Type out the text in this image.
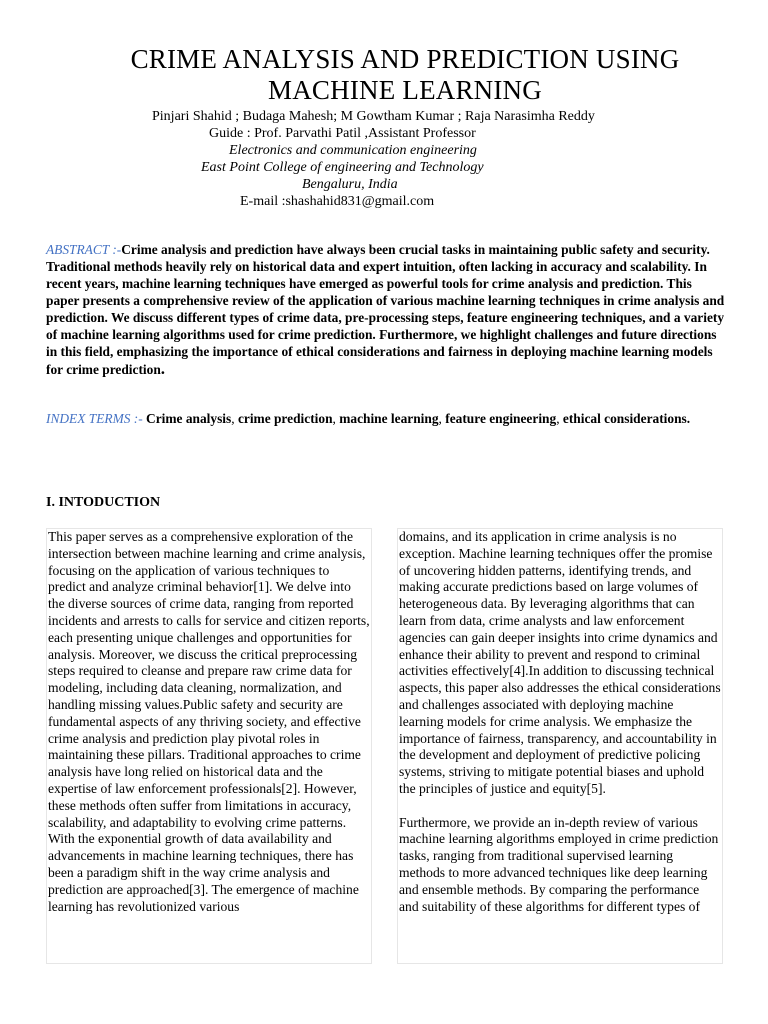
CRIME ANALYSIS AND PREDICTION USING
MACHINE LEARNING
Pinjari Shahid ; Budaga Mahesh; M Gowtham Kumar ; Raja Narasimha Reddy
Guide : Prof. Parvathi Patil ,Assistant Professor
Electronics and communication engineering
East Point College of engineering and Technology
Bengaluru, India
E-mail :shashahid831@gmail.com
ABSTRACT :-Crime analysis and prediction have always been crucial tasks in maintaining public safety and security. Traditional methods heavily rely on historical data and expert intuition, often lacking in accuracy and scalability. In recent years, machine learning techniques have emerged as powerful tools for crime analysis and prediction. This paper presents a comprehensive review of the application of various machine learning techniques in crime analysis and prediction. We discuss different types of crime data, pre-processing steps, feature engineering techniques, and a variety of machine learning algorithms used for crime prediction. Furthermore, we highlight challenges and future directions in this field, emphasizing the importance of ethical considerations and fairness in deploying machine learning models for crime prediction.
INDEX TERMS :- Crime analysis, crime prediction, machine learning, feature engineering, ethical considerations.
I. INTODUCTION

This paper serves as a comprehensive exploration of the intersection between machine learning and crime analysis, focusing on the application of various techniques to predict and analyze criminal behavior[1]. We delve into the diverse sources of crime data, ranging from reported incidents and arrests to calls for service and citizen reports, each presenting unique challenges and opportunities for analysis. Moreover, we discuss the critical preprocessing steps required to cleanse and prepare raw crime data for modeling, including data cleaning, normalization, and handling missing values.Public safety and security are fundamental aspects of any thriving society, and effective crime analysis and prediction play pivotal roles in maintaining these pillars. Traditional approaches to crime analysis have long relied on historical data and the expertise of law enforcement professionals[2]. However, these methods often suffer from limitations in accuracy, scalability, and adaptability to evolving crime patterns. With the exponential growth of data availability and advancements in machine learning techniques, there has been a paradigm shift in the way crime analysis and prediction are approached[3]. The emergence of machine learning has revolutionized various

domains, and its application in crime analysis is no exception. Machine learning techniques offer the promise of uncovering hidden patterns, identifying trends, and making accurate predictions based on large volumes of heterogeneous data. By leveraging algorithms that can learn from data, crime analysts and law enforcement agencies can gain deeper insights into crime dynamics and enhance their ability to prevent and respond to criminal activities effectively[4].In addition to discussing technical aspects, this paper also addresses the ethical considerations and challenges associated with deploying machine learning models for crime analysis. We emphasize the importance of fairness, transparency, and accountability in the development and deployment of predictive policing systems, striving to mitigate potential biases and uphold the principles of justice and equity[5].

Furthermore, we provide an in-depth review of various machine learning algorithms employed in crime prediction tasks, ranging from traditional supervised learning methods to more advanced techniques like deep learning and ensemble methods. By comparing the performance and suitability of these algorithms for different types of
